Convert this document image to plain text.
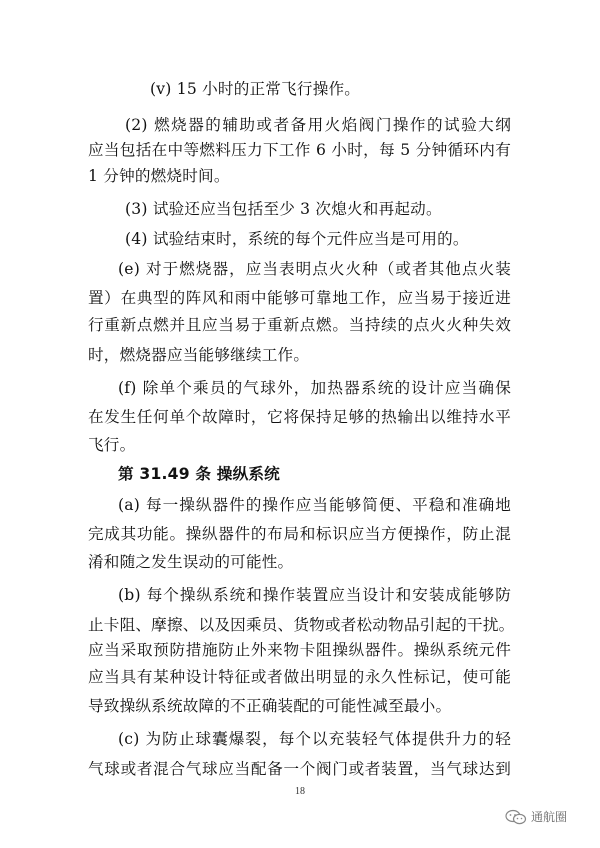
(v) 15 小时的正常飞行操作。
(2) 燃烧器的辅助或者备用火焰阀门操作的试验大纲
应当包括在中等燃料压力下工作 6 小时，每 5 分钟循环内有
1 分钟的燃烧时间。
(3) 试验还应当包括至少 3 次熄火和再起动。
(4) 试验结束时，系统的每个元件应当是可用的。
(e) 对于燃烧器，应当表明点火火种（或者其他点火装
置）在典型的阵风和雨中能够可靠地工作，应当易于接近进
行重新点燃并且应当易于重新点燃。当持续的点火火种失效
时，燃烧器应当能够继续工作。
(f) 除单个乘员的气球外，加热器系统的设计应当确保
在发生任何单个故障时，它将保持足够的热输出以维持水平
飞行。
第 31.49 条 操纵系统
(a) 每一操纵器件的操作应当能够简便、平稳和准确地
完成其功能。操纵器件的布局和标识应当方便操作，防止混
淆和随之发生误动的可能性。
(b) 每个操纵系统和操作装置应当设计和安装成能够防
止卡阻、摩擦、以及因乘员、货物或者松动物品引起的干扰。
应当采取预防措施防止外来物卡阻操纵器件。操纵系统元件
应当具有某种设计特征或者做出明显的永久性标记，使可能
导致操纵系统故障的不正确装配的可能性减至最小。
(c) 为防止球囊爆裂，每个以充装轻气体提供升力的轻
气球或者混合气球应当配备一个阀门或者装置，当气球达到
18
通航圈
